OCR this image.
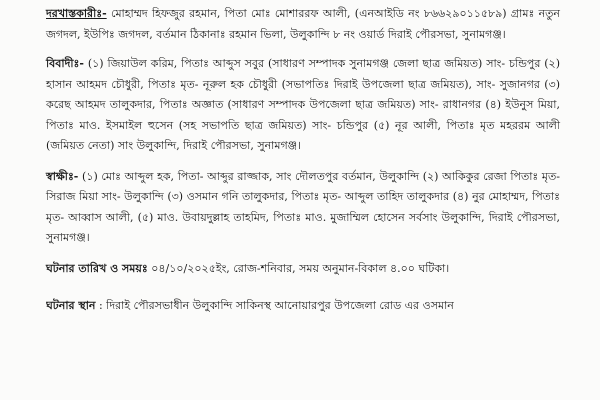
দরখাস্তকারীঃ- মোহাম্মদ হিফজুর রহমান, পিতা মোঃ মোশাররফ আলী, (এনআইডি নং ৮৬৬২৯০১১৫৮৯) গ্রামঃ নতুন জগদল, ইউপিঃ জগদল, বর্তমান ঠিকানাঃ রহমান ভিলা, উলুকান্দি ৮ নং ওয়ার্ড দিরাই পৌরসভা, সুনামগঞ্জ।

বিবাদীঃ- (১) জিয়াউল করিম, পিতাঃ আব্দুস সবুর (সাধারণ সম্পাদক সুনামগঞ্জ জেলা ছাত্র জমিয়ত) সাং- চন্ডিপুর (২) হাসান আহমদ চৌধুরী, পিতাঃ মৃত- নূরুল হক চৌধুরী (সভাপতিঃ দিরাই উপজেলা ছাত্র জমিয়ত), সাং- সুজানগর (৩) করেছ আহমদ তালুকদার, পিতাঃ অজ্ঞাত (সাধারণ সম্পাদক উপজেলা ছাত্র জমিয়ত) সাং- রাধানগর (৪) ইউনুস মিয়া, পিতাঃ মাও. ইসমাইল হুসেন (সহ সভাপতি ছাত্র জমিয়ত) সাং- চন্ডিপুর (৫) নূর আলী, পিতাঃ মৃত মহররম আলী (জমিয়ত নেতা) সাং উলুকান্দি, দিরাই পৌরসভা, সুনামগঞ্জ।

স্বাক্ষীঃ- (১) মোঃ আব্দুল হক, পিতা- আব্দুর রাজ্জাক, সাং দৌলতপুর বর্তমান, উলুকান্দি (২) আকিকুর রেজা পিতাঃ মৃত- সিরাজ মিয়া সাং- উলুকান্দি (৩) ওসমান গনি তালুকদার, পিতাঃ মৃত- আব্দুল তাহিদ তালুকদার (৪) নুর মোহাম্মদ, পিতাঃ মৃত- আব্বাস আলী, (৫) মাও. উবায়দুল্লাহ তাহমিদ, পিতাঃ মাও. মুজাম্মিল হোসেন সর্বসাং উলুকান্দি, দিরাই পৌরসভা, সুনামগঞ্জ।

ঘটনার তারিখ ও সময়ঃ ০৪/১০/২০২৫ইং, রোজ-শনিবার, সময় অনুমান-বিকাল ৪.০০ ঘটিকা।

ঘটনার স্থান : দিরাই পৌরসভাধীন উলুকান্দি সাকিনস্থ আনোয়ারপুর উপজেলা রোড এর ওসমান
